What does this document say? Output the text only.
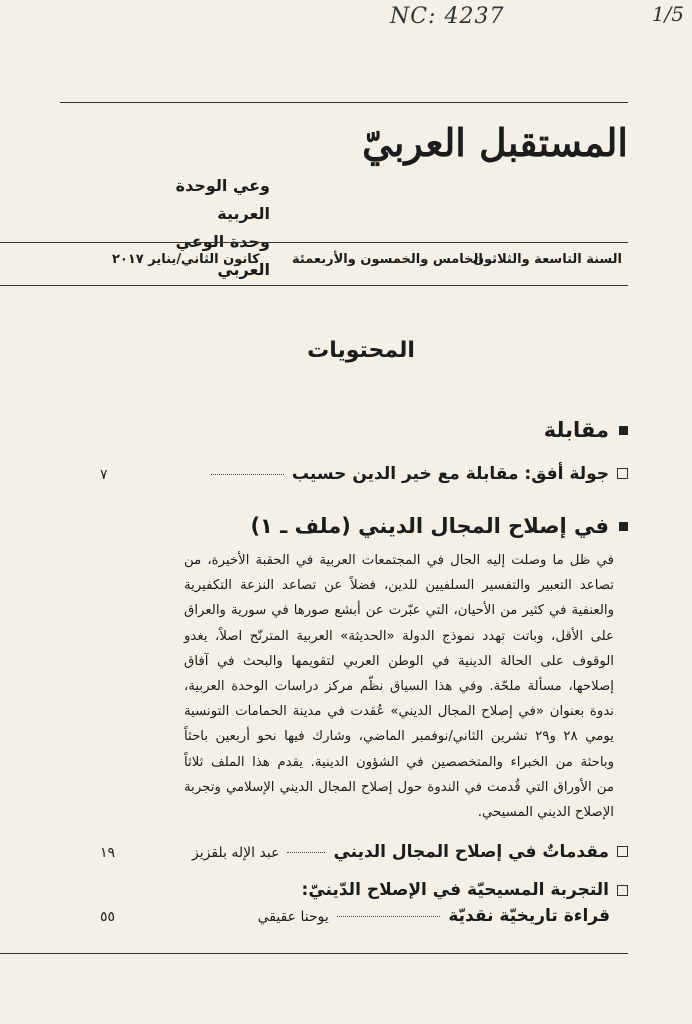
NC: 4237	1/5
المستقبل العربيّ
وعي الوحدة العربية
وحدة الوعي العربي
السنة التاسعة والثلاثون
الخامس والخمسون والأربعمئة
كانون الثاني/يناير ٢٠١٧
المحتويات
مقابلة
جولة أفق: مقابلة مع خير الدين حسيب
٧
في إصلاح المجال الديني (ملف ـ ١)
في ظل ما وصلت إليه الحال في المجتمعات العربية في الحقبة الأخيرة، من
تصاعد التعبير والتفسير السلفيين للدين، فضلاً عن تصاعد النزعة التكفيرية
والعنفية في كثير من الأحيان، التي عبّرت عن أبشع صورها في سورية والعراق
على الأقل، وباتت تهدد نموذج الدولة «الحديثة» العربية المترنّح اصلاً، يغدو
الوقوف على الحالة الدينية في الوطن العربي لتقويمها والبحث في آفاق
إصلاحها، مسألة ملحّة. وفي هذا السياق نظّم مركز دراسات الوحدة العربية،
ندوة بعنوان «في إصلاح المجال الديني» عُقدت في مدينة الحمامات التونسية
يومي ٢٨ و٢٩ تشرين الثاني/نوفمبر الماضي، وشارك فيها نحو أربعين باحثاً
وباحثة من الخبراء والمتخصصين في الشؤون الدينية. يقدم هذا الملف ثلاثاً
من الأوراق التي قُدمت في الندوة حول إصلاح المجال الديني الإسلامي وتجربة
الإصلاح الديني المسيحي.
مقدماتٌ في إصلاح المجال الديني
عبد الإله بلقزيز
١٩
التجربة المسيحيّة في الإصلاح الدّينيّ:
قراءة تاريخيّة نقديّة
يوحنا عقيقي
٥٥
